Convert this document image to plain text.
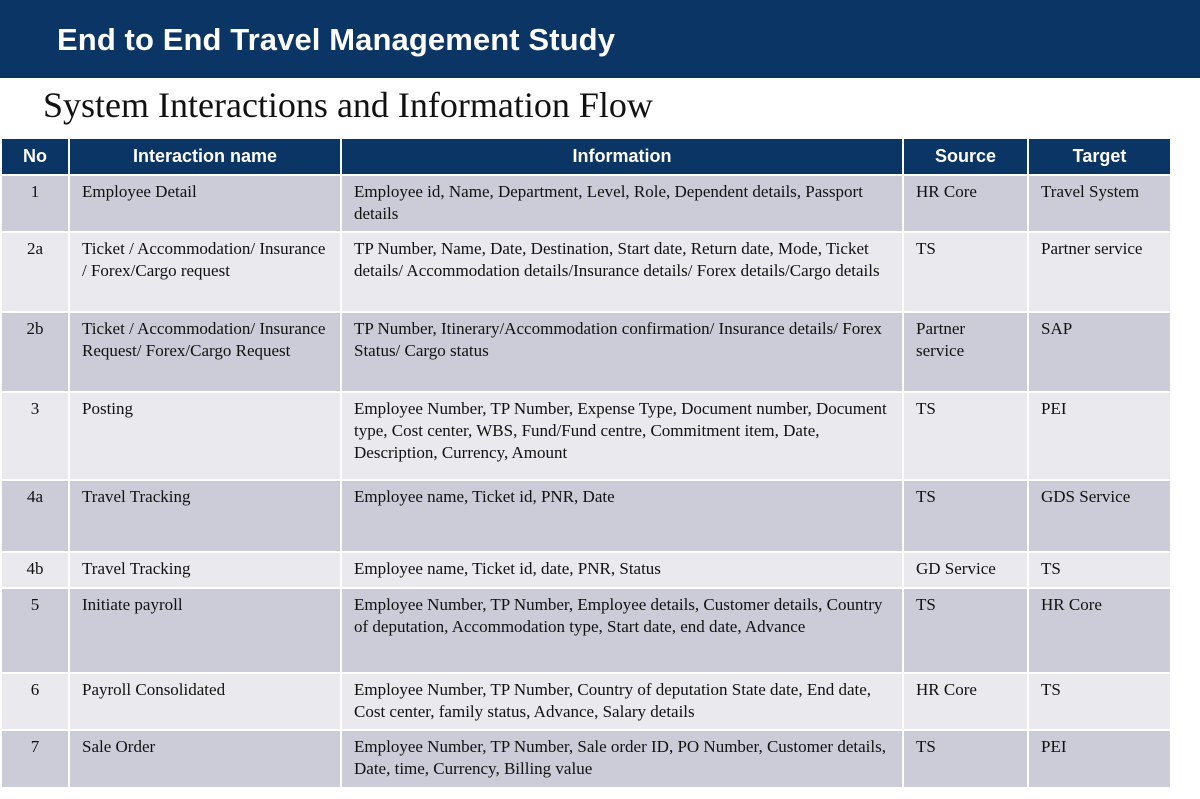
End to End Travel Management Study
System Interactions and Information Flow
No	Interaction name	Information	Source	Target
1	Employee Detail	Employee id, Name, Department, Level, Role, Dependent details, Passport details	HR Core	Travel System
2a	Ticket / Accommodation/ Insurance / Forex/Cargo request	TP Number, Name, Date, Destination, Start date, Return date, Mode, Ticket details/ Accommodation details/Insurance details/ Forex details/Cargo details	TS	Partner service
2b	Ticket / Accommodation/ Insurance Request/ Forex/Cargo Request	TP Number, Itinerary/Accommodation confirmation/ Insurance details/ Forex Status/ Cargo status	Partner service	SAP
3	Posting	Employee Number, TP Number, Expense Type, Document number, Document type, Cost center, WBS, Fund/Fund centre, Commitment item, Date, Description, Currency, Amount	TS	PEI
4a	Travel Tracking	Employee name, Ticket id, PNR, Date	TS	GDS Service
4b	Travel Tracking	Employee name, Ticket id, date, PNR, Status	GD Service	TS
5	Initiate payroll	Employee Number, TP Number, Employee details, Customer details, Country of deputation, Accommodation type, Start date, end date, Advance	TS	HR Core
6	Payroll Consolidated	Employee Number, TP Number, Country of deputation State date, End date, Cost center, family status, Advance, Salary details	HR Core	TS
7	Sale Order	Employee Number, TP Number, Sale order ID, PO Number, Customer details, Date, time, Currency, Billing value	TS	PEI
